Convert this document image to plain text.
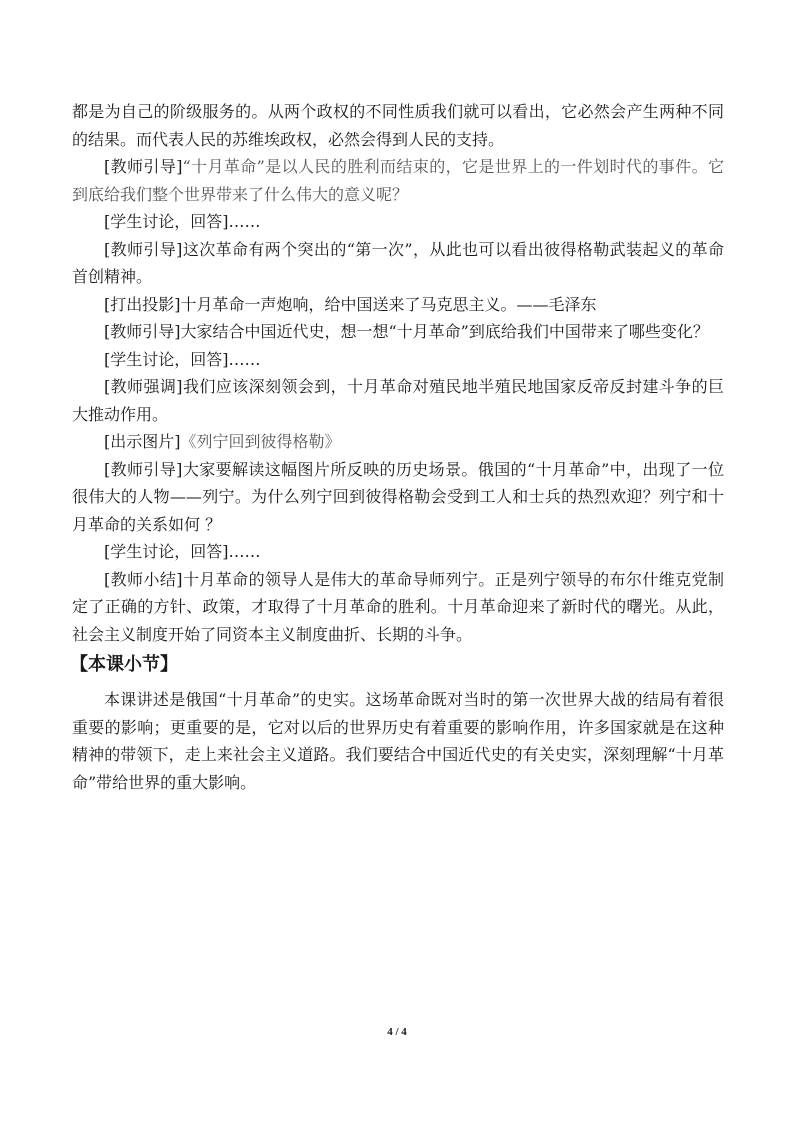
都是为自己的阶级服务的。从两个政权的不同性质我们就可以看出，它必然会产生两种不同的结果。而代表人民的苏维埃政权，必然会得到人民的支持。

[教师引导]“十月革命”是以人民的胜利而结束的，它是世界上的一件划时代的事件。它到底给我们整个世界带来了什么伟大的意义呢？

[学生讨论，回答]……

[教师引导]这次革命有两个突出的“第一次”，从此也可以看出彼得格勒武装起义的革命首创精神。

[打出投影]十月革命一声炮响，给中国送来了马克思主义。——毛泽东

[教师引导]大家结合中国近代史，想一想“十月革命”到底给我们中国带来了哪些变化？

[学生讨论，回答]……

[教师强调]我们应该深刻领会到，十月革命对殖民地半殖民地国家反帝反封建斗争的巨大推动作用。

[出示图片]《列宁回到彼得格勒》

[教师引导]大家要解读这幅图片所反映的历史场景。俄国的“十月革命”中，出现了一位很伟大的人物——列宁。为什么列宁回到彼得格勒会受到工人和士兵的热烈欢迎？列宁和十月革命的关系如何 ？

[学生讨论，回答]……

[教师小结]十月革命的领导人是伟大的革命导师列宁。正是列宁领导的布尔什维克党制定了正确的方针、政策，才取得了十月革命的胜利。十月革命迎来了新时代的曙光。从此，社会主义制度开始了同资本主义制度曲折、长期的斗争。

【本课小节】

本课讲述是俄国“十月革命”的史实。这场革命既对当时的第一次世界大战的结局有着很重要的影响；更重要的是，它对以后的世界历史有着重要的影响作用，许多国家就是在这种精神的带领下，走上来社会主义道路。我们要结合中国近代史的有关史实，深刻理解“十月革命”带给世界的重大影响。

4 / 4
